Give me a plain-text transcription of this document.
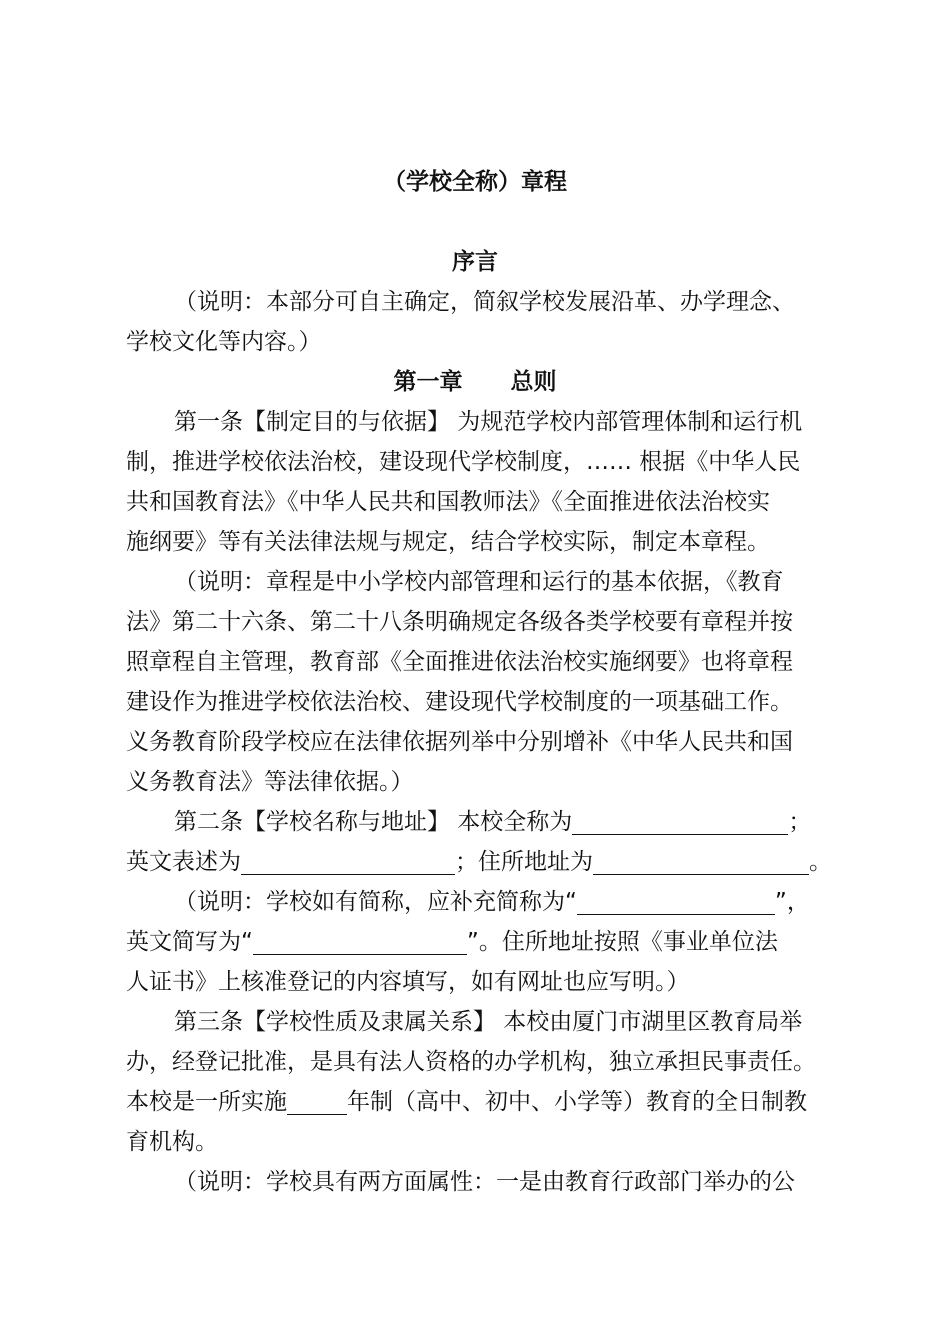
（学校全称）章程
序言
（说明：本部分可自主确定，简叙学校发展沿革、办学理念、
学校文化等内容。）
第一章 总则
第一条【制定目的与依据】 为规范学校内部管理体制和运行机
制，推进学校依法治校，建设现代学校制度，…… 根据《中华人民
共和国教育法》《中华人民共和国教师法》《全面推进依法治校实
施纲要》等有关法律法规与规定，结合学校实际，制定本章程。
（说明：章程是中小学校内部管理和运行的基本依据，《教育
法》第二十六条、第二十八条明确规定各级各类学校要有章程并按
照章程自主管理，教育部《全面推进依法治校实施纲要》也将章程
建设作为推进学校依法治校、建设现代学校制度的一项基础工作。
义务教育阶段学校应在法律依据列举中分别增补《中华人民共和国
义务教育法》等法律依据。）
第二条【学校名称与地址】 本校全称为	；
英文表述为	；住所地址为	。
（说明：学校如有简称，应补充简称为“	”，
英文简写为“	”。住所地址按照《事业单位法
人证书》上核准登记的内容填写，如有网址也应写明。）
第三条【学校性质及隶属关系】 本校由厦门市湖里区教育局举
办，经登记批准，是具有法人资格的办学机构，独立承担民事责任。
本校是一所实施	年制（高中、初中、小学等）教育的全日制教
育机构。
（说明：学校具有两方面属性：一是由教育行政部门举办的公
